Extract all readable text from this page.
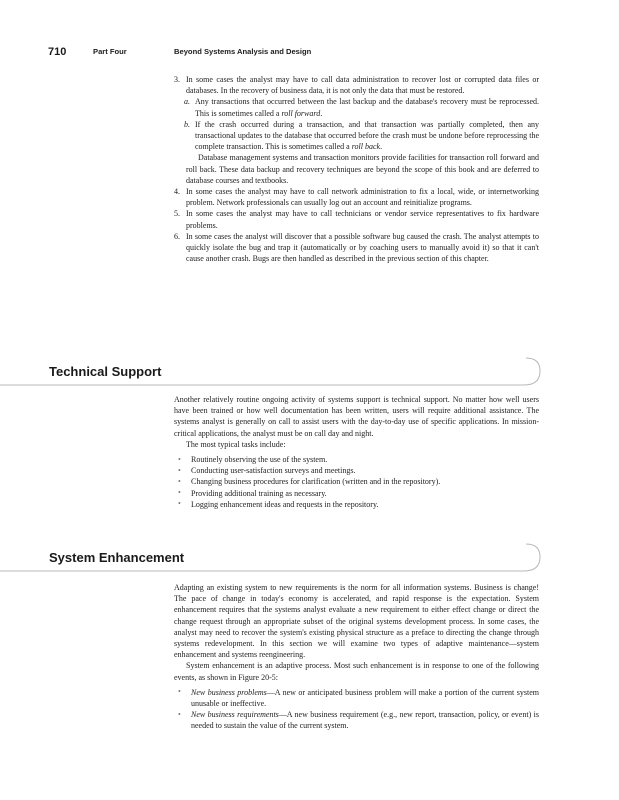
710	Part Four	Beyond Systems Analysis and Design
3. In some cases the analyst may have to call data administration to recover lost or corrupted data files or databases. In the recovery of business data, it is not only the data that must be restored.
a. Any transactions that occurred between the last backup and the database's recovery must be reprocessed. This is sometimes called a roll forward.
b. If the crash occurred during a transaction, and that transaction was partially completed, then any transactional updates to the database that occurred before the crash must be undone before reprocessing the complete transaction. This is sometimes called a roll back.

Database management systems and transaction monitors provide facilities for transaction roll forward and roll back. These data backup and recovery techniques are beyond the scope of this book and are deferred to database courses and textbooks.

4. In some cases the analyst may have to call network administration to fix a local, wide, or internetworking problem. Network professionals can usually log out an account and reinitialize programs.
5. In some cases the analyst may have to call technicians or vendor service representatives to fix hardware problems.
6. In some cases the analyst will discover that a possible software bug caused the crash. The analyst attempts to quickly isolate the bug and trap it (automatically or by coaching users to manually avoid it) so that it can't cause another crash. Bugs are then handled as described in the previous section of this chapter.
Technical Support

Another relatively routine ongoing activity of systems support is technical support. No matter how well users have been trained or how well documentation has been written, users will require additional assistance. The systems analyst is generally on call to assist users with the day-to-day use of specific applications. In mission-critical applications, the analyst must be on call day and night.

The most typical tasks include:

• Routinely observing the use of the system.
• Conducting user-satisfaction surveys and meetings.
• Changing business procedures for clarification (written and in the repository).
• Providing additional training as necessary.
• Logging enhancement ideas and requests in the repository.
System Enhancement

Adapting an existing system to new requirements is the norm for all information systems. Business is change! The pace of change in today's economy is accelerated, and rapid response is the expectation. System enhancement requires that the systems analyst evaluate a new requirement to either effect change or direct the change request through an appropriate subset of the original systems development process. In some cases, the analyst may need to recover the system's existing physical structure as a preface to directing the change through systems redevelopment. In this section we will examine two types of adaptive maintenance—system enhancement and systems reengineering.

System enhancement is an adaptive process. Most such enhancement is in response to one of the following events, as shown in Figure 20-5:

• New business problems—A new or anticipated business problem will make a portion of the current system unusable or ineffective.
• New business requirements—A new business requirement (e.g., new report, transaction, policy, or event) is needed to sustain the value of the current system.
